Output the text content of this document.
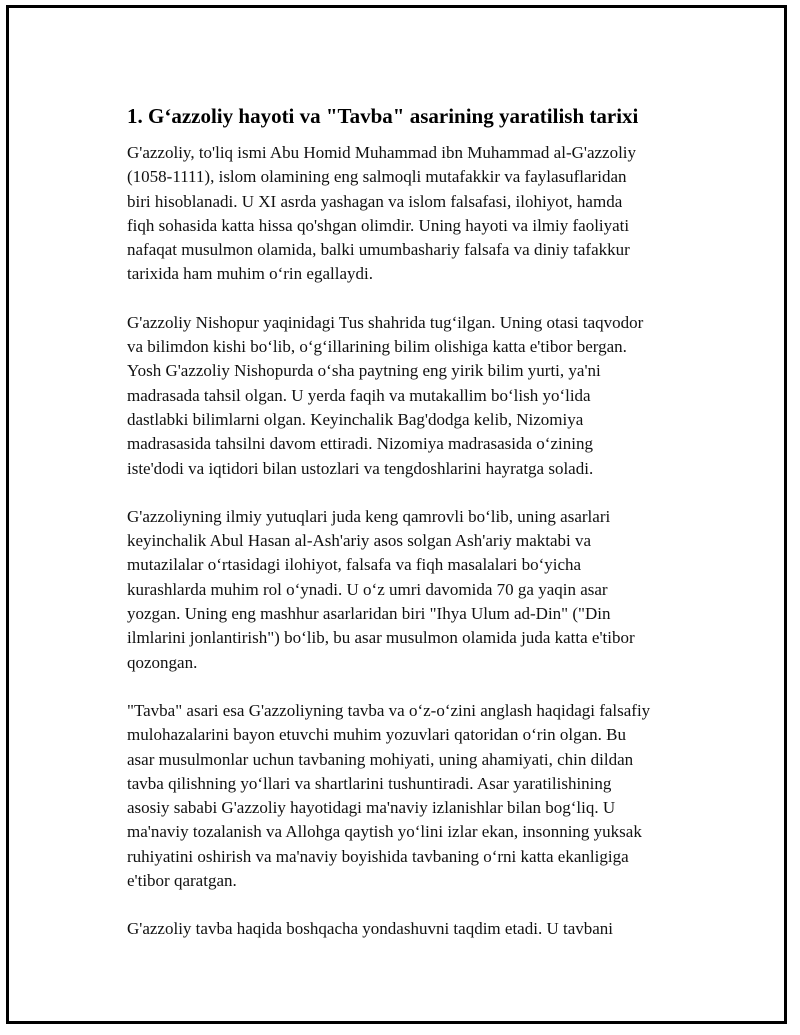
1. G‘azzoliy hayoti va "Tavba" asarining yaratilish tarixi

G'azzoliy, to'liq ismi Abu Homid Muhammad ibn Muhammad al-G'azzoliy
(1058-1111), islom olamining eng salmoqli mutafakkir va faylasuflaridan
biri hisoblanadi. U XI asrda yashagan va islom falsafasi, ilohiyot, hamda
fiqh sohasida katta hissa qo'shgan olimdir. Uning hayoti va ilmiy faoliyati
nafaqat musulmon olamida, balki umumbashariy falsafa va diniy tafakkur
tarixida ham muhim o‘rin egallaydi.

G'azzoliy Nishopur yaqinidagi Tus shahrida tug‘ilgan. Uning otasi taqvodor
va bilimdon kishi bo‘lib, o‘g‘illarining bilim olishiga katta e'tibor bergan.
Yosh G'azzoliy Nishopurda o‘sha paytning eng yirik bilim yurti, ya'ni
madrasada tahsil olgan. U yerda faqih va mutakallim bo‘lish yo‘lida
dastlabki bilimlarni olgan. Keyinchalik Bag'dodga kelib, Nizomiya
madrasasida tahsilni davom ettiradi. Nizomiya madrasasida o‘zining
iste'dodi va iqtidori bilan ustozlari va tengdoshlarini hayratga soladi.

G'azzoliyning ilmiy yutuqlari juda keng qamrovli bo‘lib, uning asarlari
keyinchalik Abul Hasan al-Ash'ariy asos solgan Ash'ariy maktabi va
mutazilalar o‘rtasidagi ilohiyot, falsafa va fiqh masalalari bo‘yicha
kurashlarda muhim rol o‘ynadi. U o‘z umri davomida 70 ga yaqin asar
yozgan. Uning eng mashhur asarlaridan biri "Ihya Ulum ad-Din" ("Din
ilmlarini jonlantirish") bo‘lib, bu asar musulmon olamida juda katta e'tibor
qozongan.

"Tavba" asari esa G'azzoliyning tavba va o‘z-o‘zini anglash haqidagi falsafiy
mulohazalarini bayon etuvchi muhim yozuvlari qatoridan o‘rin olgan. Bu
asar musulmonlar uchun tavbaning mohiyati, uning ahamiyati, chin dildan
tavba qilishning yo‘llari va shartlarini tushuntiradi. Asar yaratilishining
asosiy sababi G'azzoliy hayotidagi ma'naviy izlanishlar bilan bog‘liq. U
ma'naviy tozalanish va Allohga qaytish yo‘lini izlar ekan, insonning yuksak
ruhiyatini oshirish va ma'naviy boyishida tavbaning o‘rni katta ekanligiga
e'tibor qaratgan.

G'azzoliy tavba haqida boshqacha yondashuvni taqdim etadi. U tavbani
